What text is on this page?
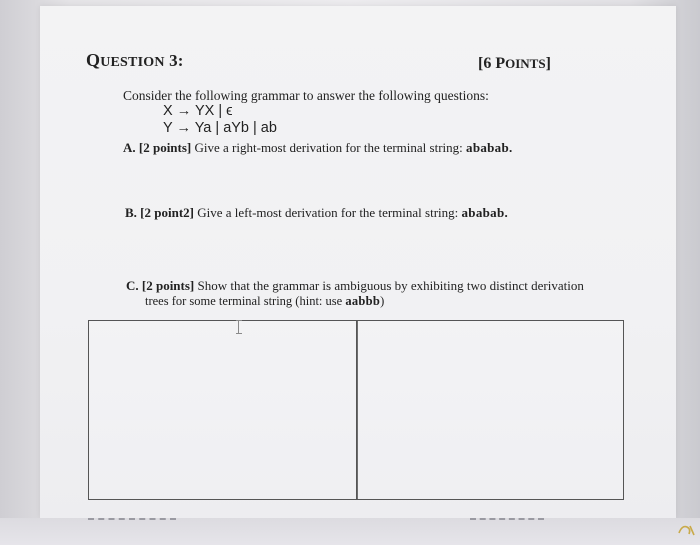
QUESTION 3:	[6 POINTS]
Consider the following grammar to answer the following questions:
X → YX | ϵ
Y → Ya | aYb | ab
A. [2 points] Give a right-most derivation for the terminal string: ababab.
B. [2 point2] Give a left-most derivation for the terminal string: ababab.
C. [2 points] Show that the grammar is ambiguous by exhibiting two distinct derivation
trees for some terminal string (hint: use aabbb)
